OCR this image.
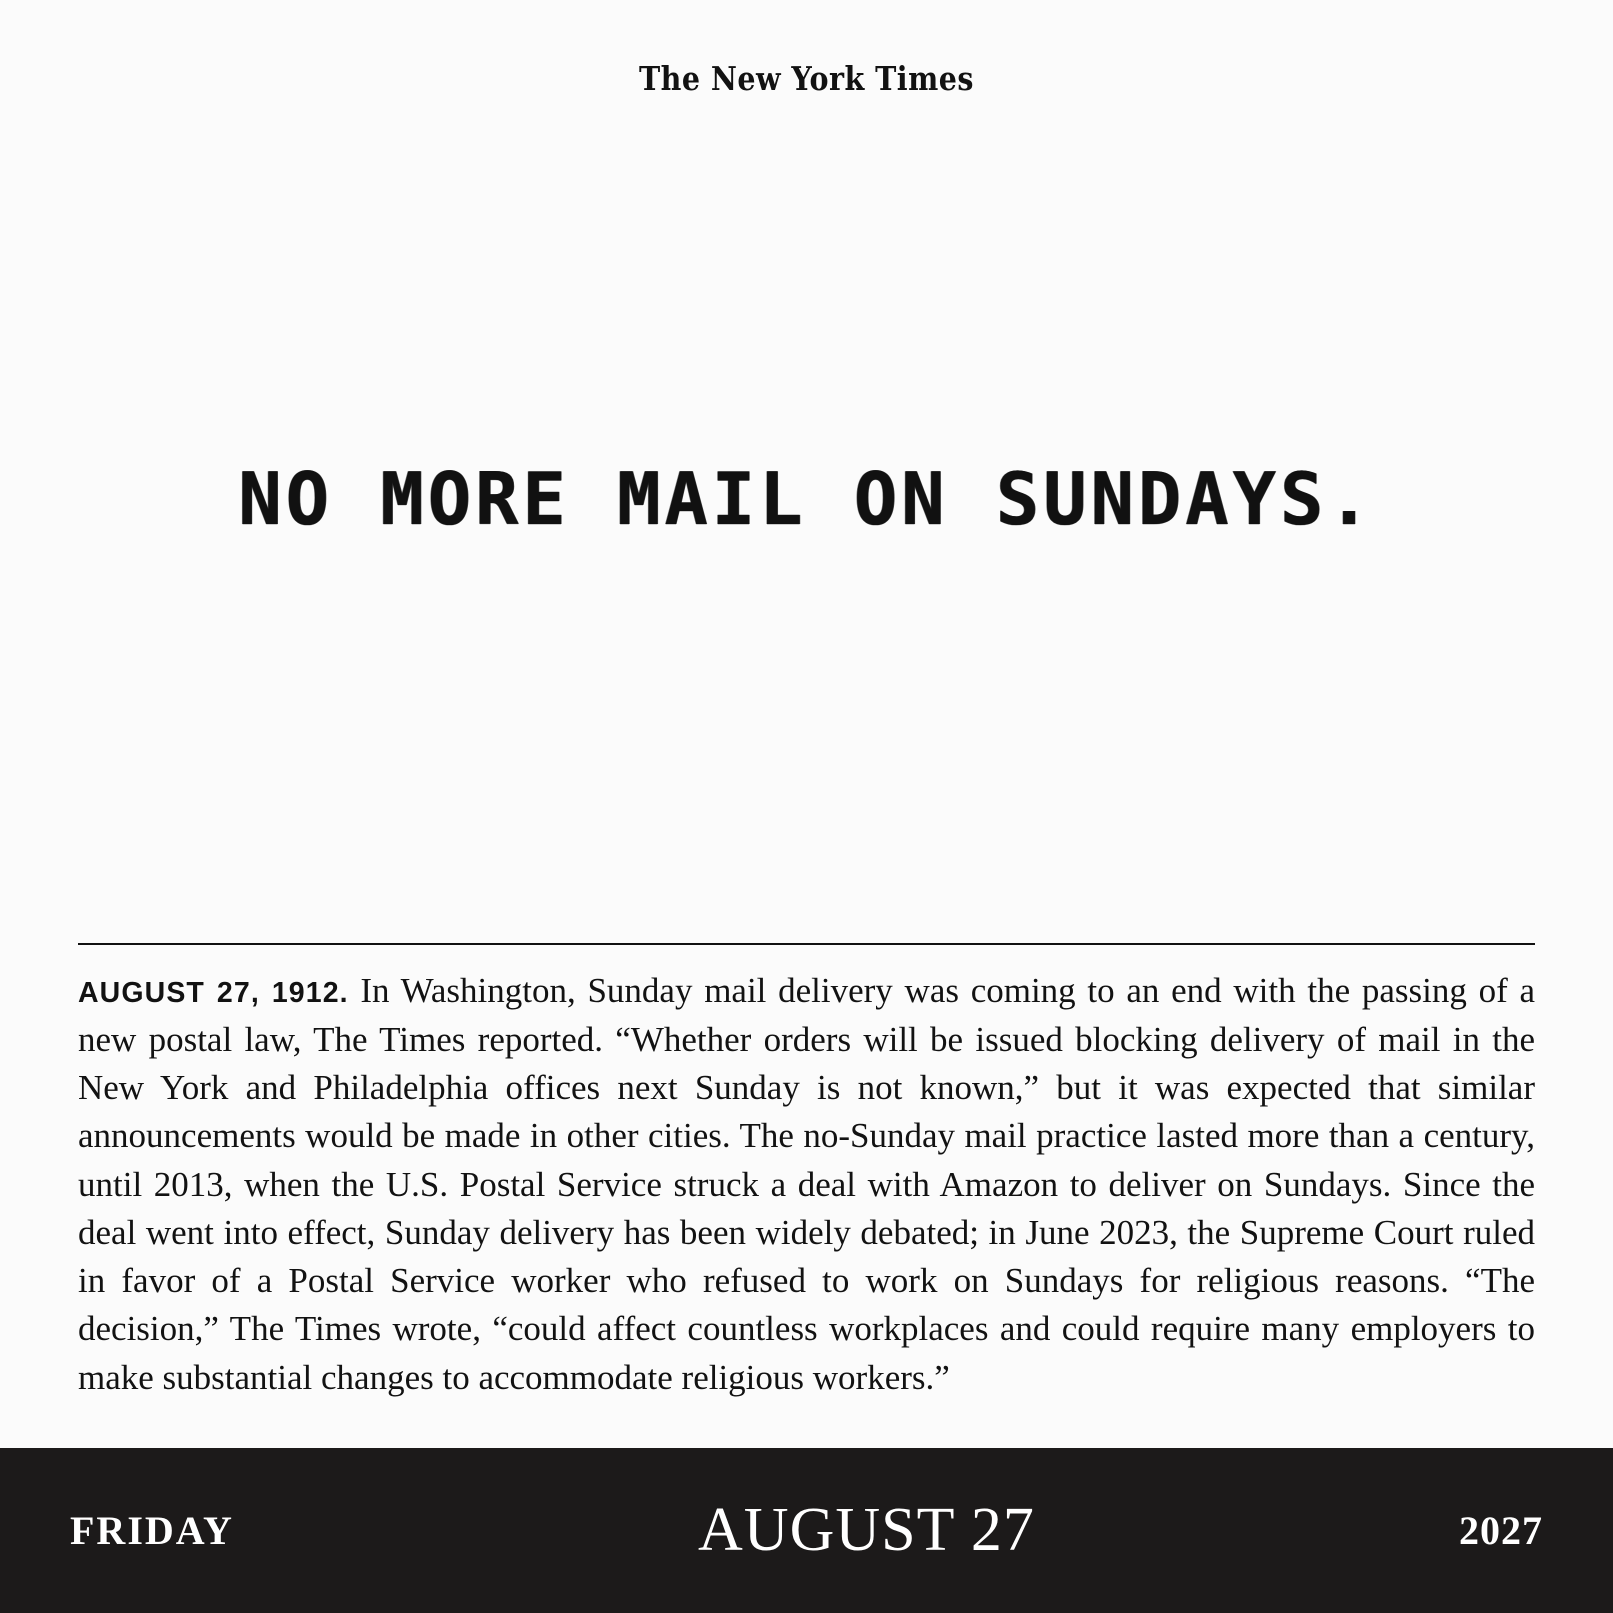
The New York Times
NO MORE MAIL ON SUNDAYS.

AUGUST 27, 1912. In Washington, Sunday mail delivery was coming to an end with the passing of a new postal law, The Times reported. “Whether orders will be issued blocking delivery of mail in the New York and Philadelphia offices next Sunday is not known,” but it was expected that similar announcements would be made in other cities. The no-Sunday mail practice lasted more than a century, until 2013, when the U.S. Postal Service struck a deal with Amazon to deliver on Sundays. Since the deal went into effect, Sunday delivery has been widely debated; in June 2023, the Supreme Court ruled in favor of a Postal Service worker who refused to work on Sundays for religious reasons. “The decision,” The Times wrote, “could affect countless workplaces and could require many employers to make substantial changes to accommodate religious workers.”

FRIDAY	AUGUST 27	2027
